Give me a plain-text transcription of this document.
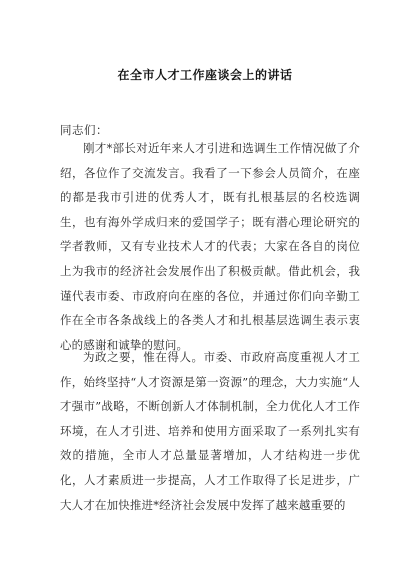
在全市人才工作座谈会上的讲话
同志们：

刚才*部长对近年来人才引进和选调生工作情况做了介绍，各位作了交流发言。我看了一下参会人员简介，在座的都是我市引进的优秀人才，既有扎根基层的名校选调生，也有海外学成归来的爱国学子；既有潜心理论研究的学者教师，又有专业技术人才的代表；大家在各自的岗位上为我市的经济社会发展作出了积极贡献。借此机会，我谨代表市委、市政府向在座的各位，并通过你们向辛勤工作在全市各条战线上的各类人才和扎根基层选调生表示衷心的感谢和诚挚的慰问。

为政之要，惟在得人。市委、市政府高度重视人才工作，始终坚持“人才资源是第一资源”的理念，大力实施“人才强市”战略，不断创新人才体制机制，全力优化人才工作环境，在人才引进、培养和使用方面采取了一系列扎实有效的措施，全市人才总量显著增加，人才结构进一步优化，人才素质进一步提高，人才工作取得了长足进步，广大人才在加快推进*经济社会发展中发挥了越来越重要的
